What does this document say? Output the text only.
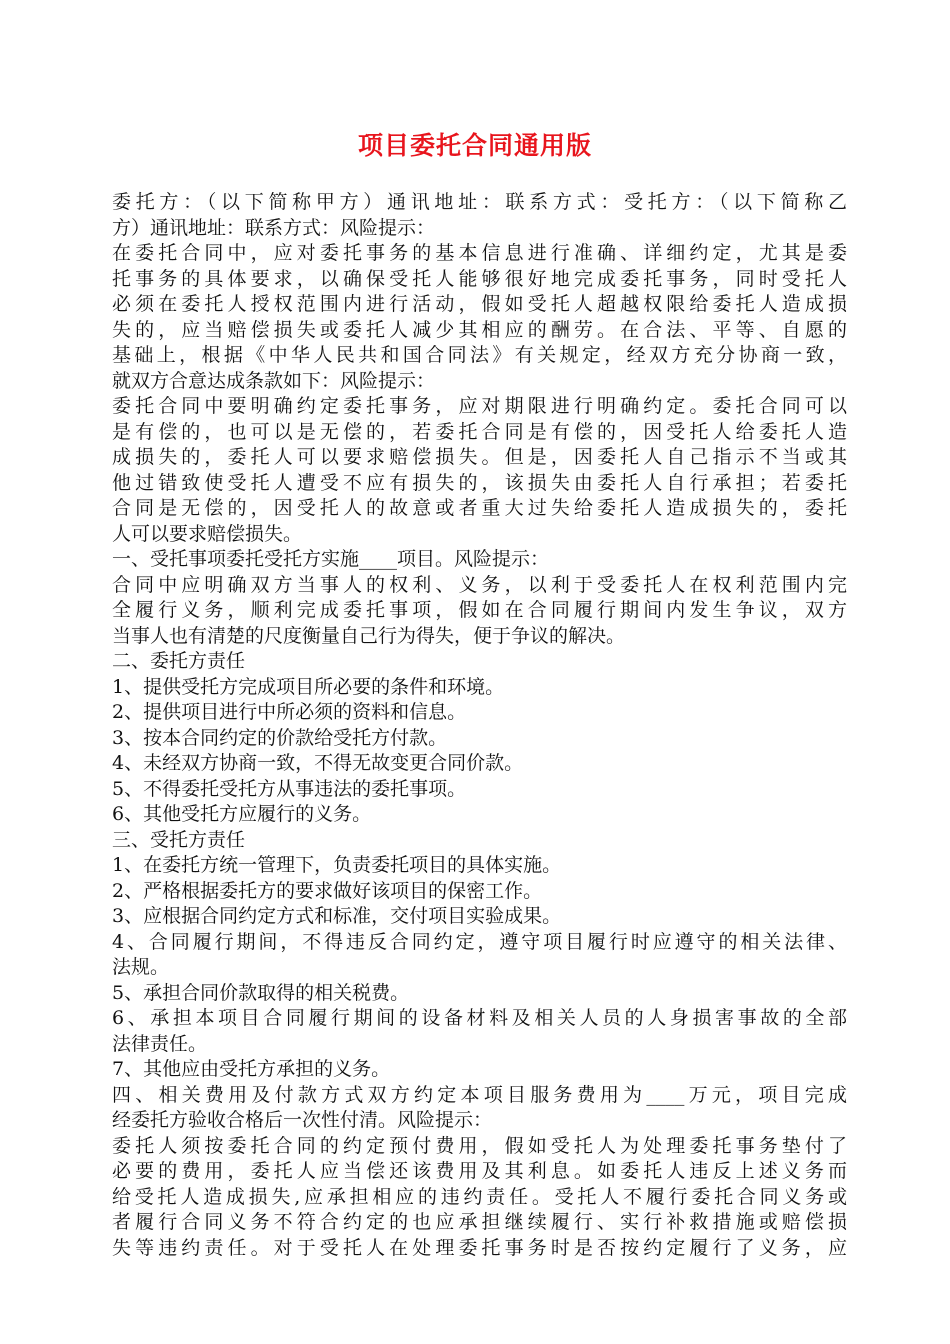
项目委托合同通用版
委托方：（以下简称甲方）通讯地址：联系方式：受托方：（以下简称乙
方）通讯地址：联系方式：风险提示：
在委托合同中，应对委托事务的基本信息进行准确、详细约定，尤其是委
托事务的具体要求，以确保受托人能够很好地完成委托事务，同时受托人
必须在委托人授权范围内进行活动，假如受托人超越权限给委托人造成损
失的，应当赔偿损失或委托人减少其相应的酬劳。在合法、平等、自愿的
基础上，根据《中华人民共和国合同法》有关规定，经双方充分协商一致，
就双方合意达成条款如下：风险提示：
委托合同中要明确约定委托事务，应对期限进行明确约定。委托合同可以
是有偿的，也可以是无偿的，若委托合同是有偿的，因受托人给委托人造
成损失的，委托人可以要求赔偿损失。但是，因委托人自己指示不当或其
他过错致使受托人遭受不应有损失的，该损失由委托人自行承担；若委托
合同是无偿的，因受托人的故意或者重大过失给委托人造成损失的，委托
人可以要求赔偿损失。
一、受托事项委托受托方实施____项目。风险提示：
合同中应明确双方当事人的权利、义务，以利于受委托人在权利范围内完
全履行义务，顺利完成委托事项，假如在合同履行期间内发生争议，双方
当事人也有清楚的尺度衡量自己行为得失，便于争议的解决。
二、委托方责任
1、提供受托方完成项目所必要的条件和环境。
2、提供项目进行中所必须的资料和信息。
3、按本合同约定的价款给受托方付款。
4、未经双方协商一致，不得无故变更合同价款。
5、不得委托受托方从事违法的委托事项。
6、其他受托方应履行的义务。
三、受托方责任
1、在委托方统一管理下，负责委托项目的具体实施。
2、严格根据委托方的要求做好该项目的保密工作。
3、应根据合同约定方式和标准，交付项目实验成果。
4、合同履行期间，不得违反合同约定，遵守项目履行时应遵守的相关法律、
法规。
5、承担合同价款取得的相关税费。
6、承担本项目合同履行期间的设备材料及相关人员的人身损害事故的全部
法律责任。
7、其他应由受托方承担的义务。
四、相关费用及付款方式双方约定本项目服务费用为____万元，项目完成
经委托方验收合格后一次性付清。风险提示：
委托人须按委托合同的约定预付费用，假如受托人为处理委托事务垫付了
必要的费用，委托人应当偿还该费用及其利息。如委托人违反上述义务而
给受托人造成损失,应承担相应的违约责任。受托人不履行委托合同义务或
者履行合同义务不符合约定的也应承担继续履行、实行补救措施或赔偿损
失等违约责任。对于受托人在处理委托事务时是否按约定履行了义务，应
